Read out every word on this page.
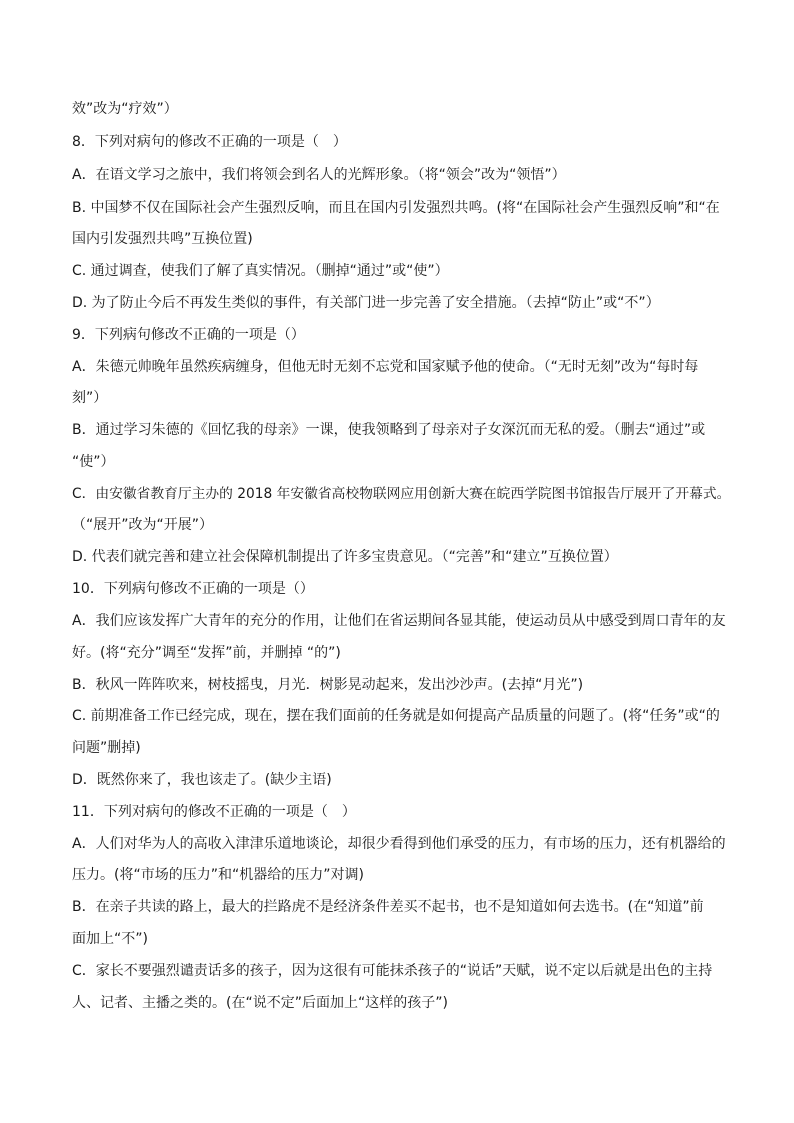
效”改为“疗效”）
8．下列对病句的修改不正确的一项是（　）
A．在语文学习之旅中，我们将领会到名人的光辉形象。（将“领会”改为“领悟”）
B. 中国梦不仅在国际社会产生强烈反响，而且在国内引发强烈共鸣。(将“在国际社会产生强烈反响”和“在
国内引发强烈共鸣”互换位置)
C. 通过调查，使我们了解了真实情况。（删掉“通过”或“使”）
D. 为了防止今后不再发生类似的事件，有关部门进一步完善了安全措施。（去掉“防止”或“不”）
9．下列病句修改不正确的一项是（）
A．朱德元帅晚年虽然疾病缠身，但他无时无刻不忘党和国家赋予他的使命。（“无时无刻”改为“每时每
刻”）
B．通过学习朱德的《回忆我的母亲》一课，使我领略到了母亲对子女深沉而无私的爱。（删去“通过”或
“使”）
C．由安徽省教育厅主办的 2018 年安徽省高校物联网应用创新大赛在皖西学院图书馆报告厅展开了开幕式。
（“展开”改为“开展”）
D. 代表们就完善和建立社会保障机制提出了许多宝贵意见。（“完善”和“建立”互换位置）
10．下列病句修改不正确的一项是（）
A．我们应该发挥广大青年的充分的作用，让他们在省运期间各显其能，使运动员从中感受到周口青年的友
好。(将“充分”调至“发挥”前，并删掉 “的”)
B．秋风一阵阵吹来，树枝摇曳，月光．树影晃动起来，发出沙沙声。(去掉“月光”)
C. 前期准备工作已经完成，现在，摆在我们面前的任务就是如何提高产品质量的问题了。(将“任务”或“的
问题”删掉)
D．既然你来了，我也该走了。(缺少主语)
11．下列对病句的修改不正确的一项是（　）
A．人们对华为人的高收入津津乐道地谈论，却很少看得到他们承受的压力，有市场的压力，还有机器给的
压力。(将“市场的压力”和“机器给的压力”对调)
B．在亲子共读的路上，最大的拦路虎不是经济条件差买不起书，也不是知道如何去选书。(在“知道”前
面加上“不”)
C．家长不要强烈谴责话多的孩子，因为这很有可能抹杀孩子的“说话”天赋，说不定以后就是出色的主持
人、记者、主播之类的。(在“说不定”后面加上“这样的孩子”)
